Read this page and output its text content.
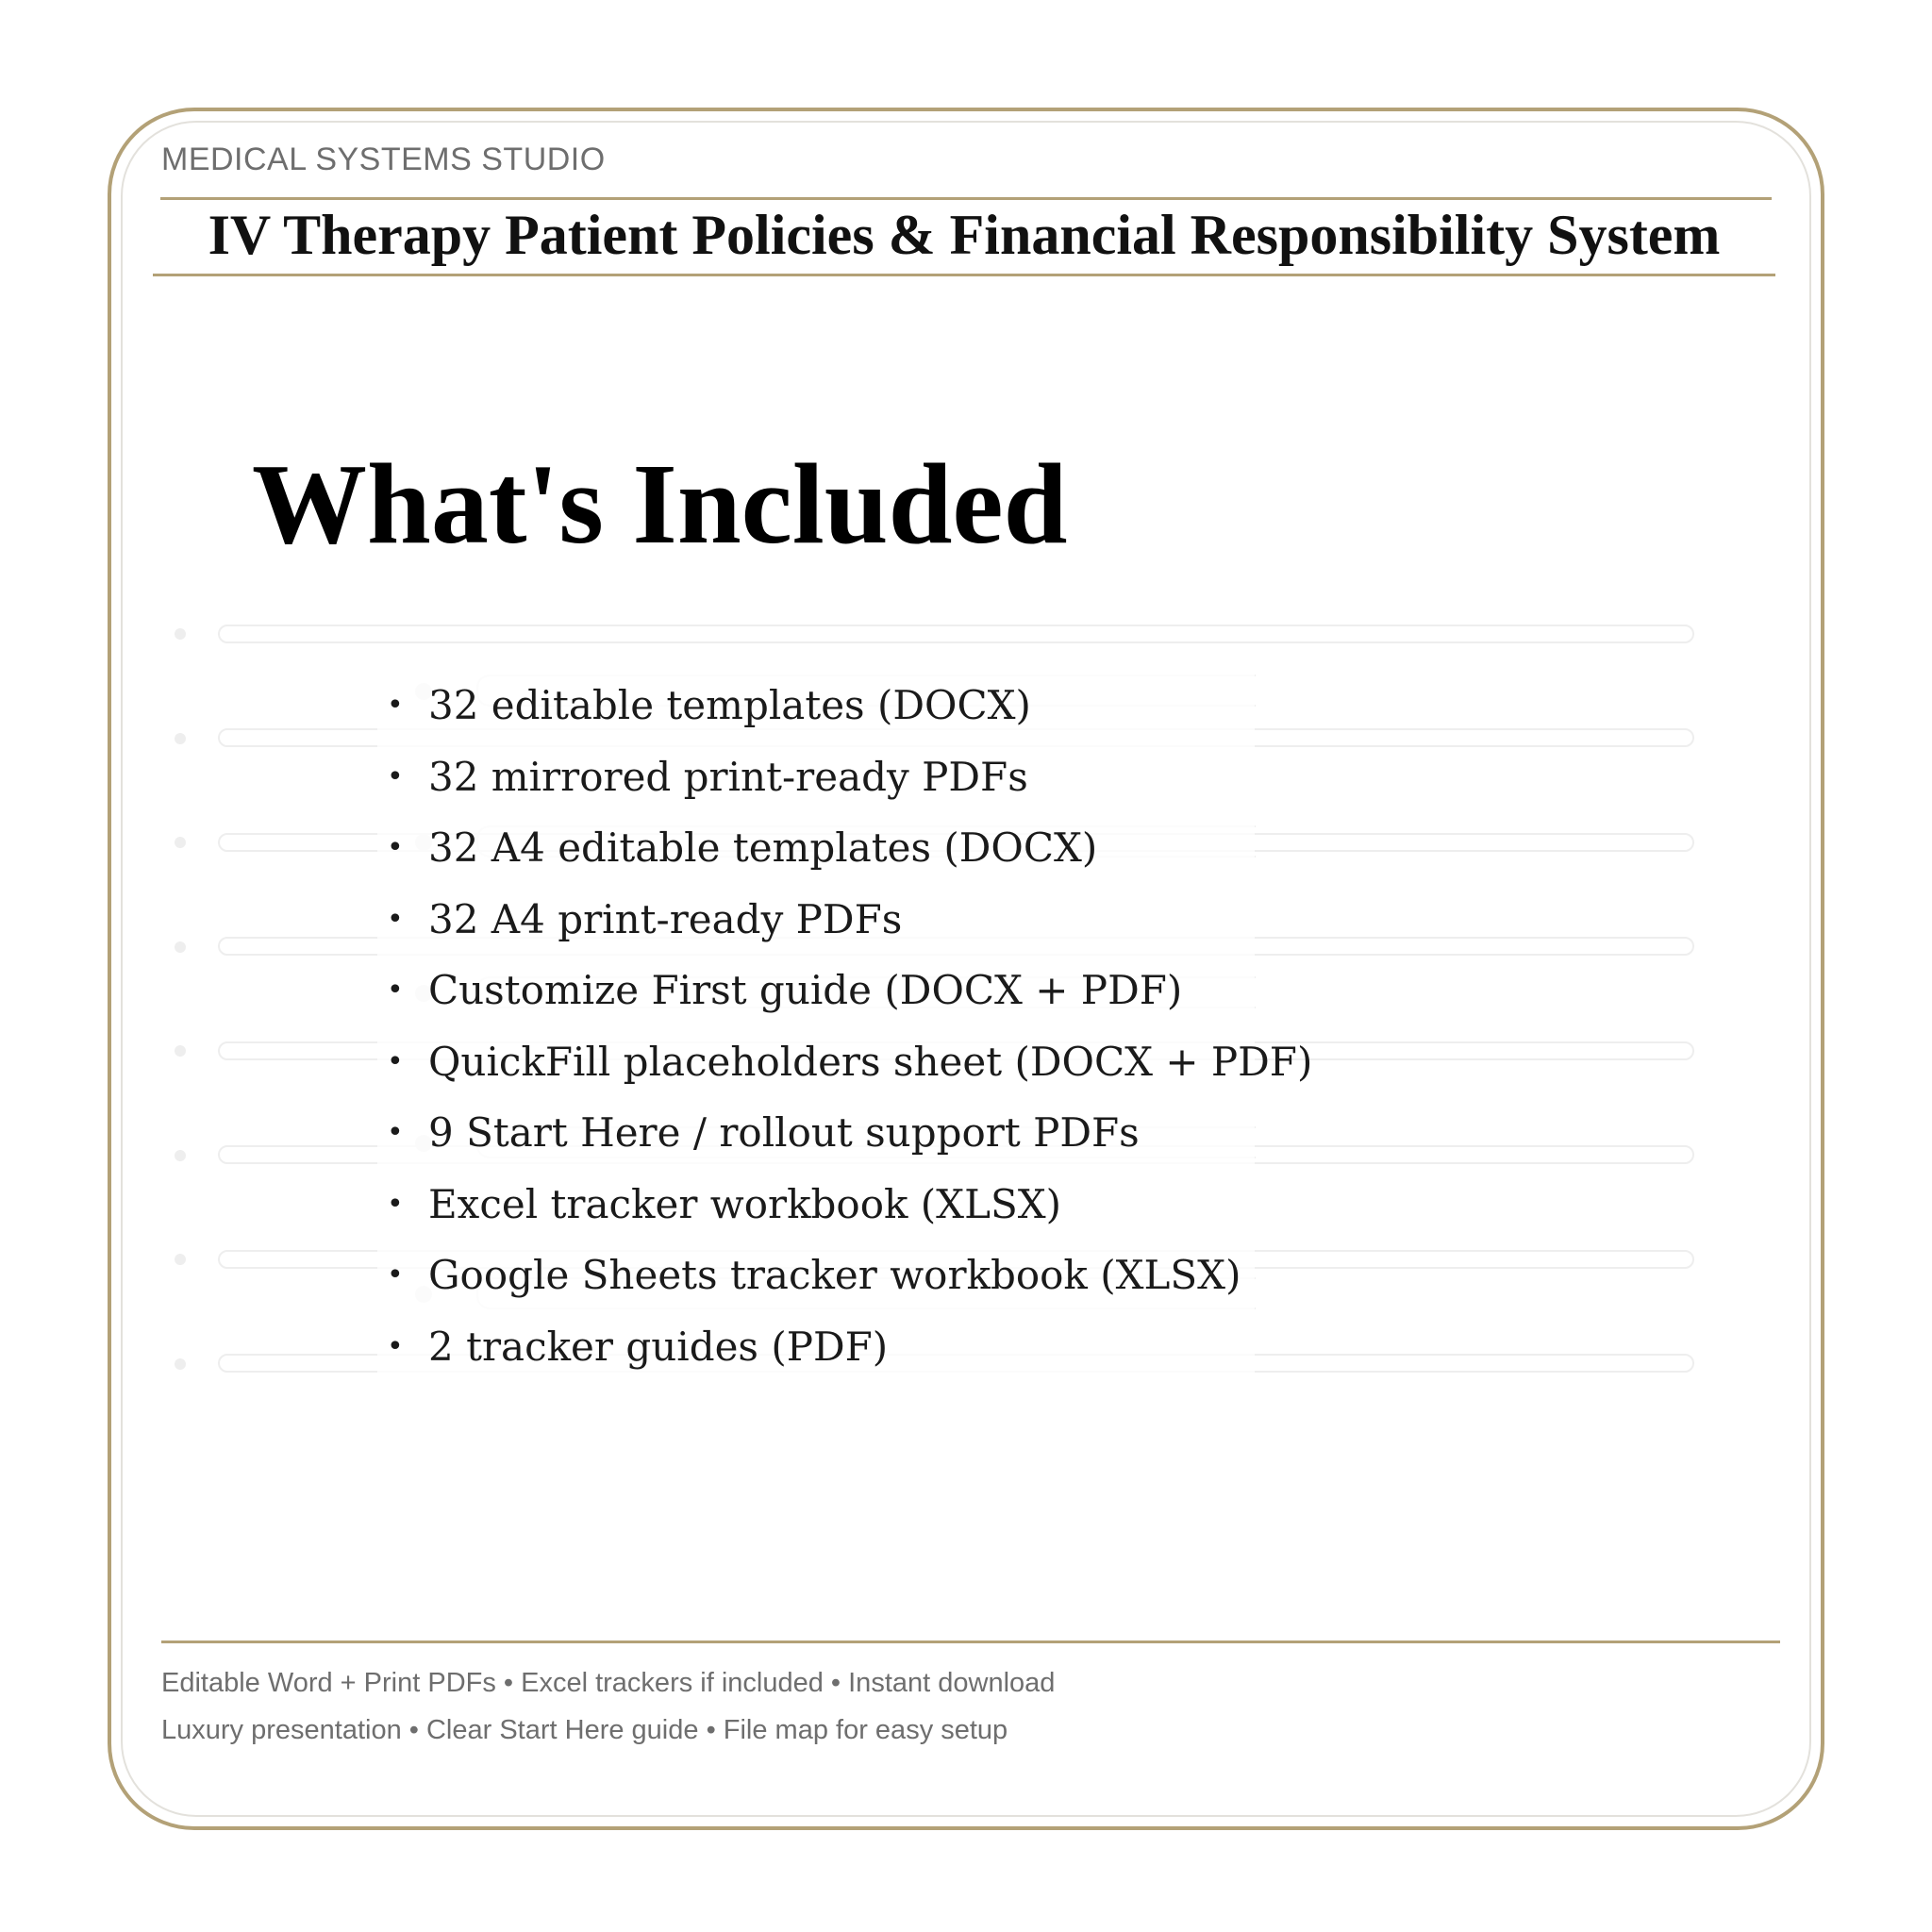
MEDICAL SYSTEMS STUDIO
IV Therapy Patient Policies & Financial Responsibility System
What's Included
• 32 editable templates (DOCX)
• 32 mirrored print-ready PDFs
• 32 A4 editable templates (DOCX)
• 32 A4 print-ready PDFs
• Customize First guide (DOCX + PDF)
• QuickFill placeholders sheet (DOCX + PDF)
• 9 Start Here / rollout support PDFs
• Excel tracker workbook (XLSX)
• Google Sheets tracker workbook (XLSX)
• 2 tracker guides (PDF)
Editable Word + Print PDFs • Excel trackers if included • Instant download
Luxury presentation • Clear Start Here guide • File map for easy setup
